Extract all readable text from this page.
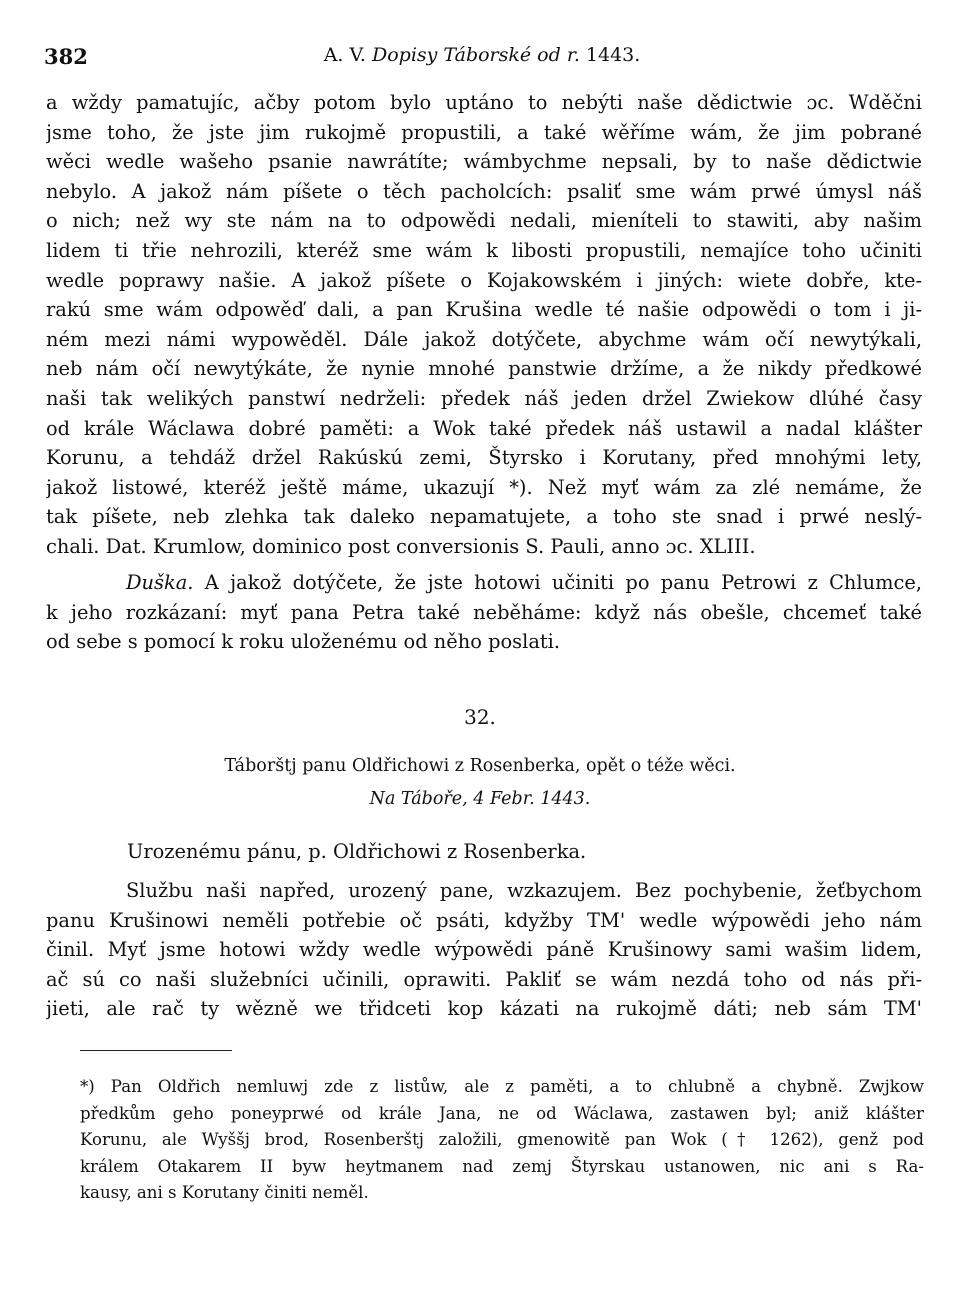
382	A. V. Dopisy Táborské od r. 1443.
a wždy pamatujíc, ačby potom bylo uptáno to nebýti naše dědictwie ɔc. Wděčni
jsme toho, že jste jim rukojmě propustili, a také wěříme wám, že jim pobrané
wěci wedle wašeho psanie nawrátíte; wámbychme nepsali, by to naše dědictwie
nebylo. A jakož nám píšete o těch pacholcích: psaliť sme wám prwé úmysl náš
o nich; než wy ste nám na to odpowědi nedali, mieníteli to stawiti, aby našim
lidem ti třie nehrozili, kteréž sme wám k libosti propustili, nemajíce toho učiniti
wedle poprawy našie. A jakož píšete o Kojakowském i jiných: wiete dobře, kte-
rakú sme wám odpowěď dali, a pan Krušina wedle té našie odpowědi o tom i ji-
ném mezi námi wypowěděl. Dále jakož dotýčete, abychme wám očí newytýkali,
neb nám očí newytýkáte, že nynie mnohé panstwie držíme, a že nikdy předkowé
naši tak welikých panstwí nedrželi: předek náš jeden držel Zwiekow dlúhé časy
od krále Wáclawa dobré paměti: a Wok také předek náš ustawil a nadal klášter
Korunu, a tehdáž držel Rakúskú zemi, Štyrsko i Korutany, před mnohými lety,
jakož listowé, kteréž ještě máme, ukazují *). Než myť wám za zlé nemáme, že
tak píšete, neb zlehka tak daleko nepamatujete, a toho ste snad i prwé neslý-
chali. Dat. Krumlow, dominico post conversionis S. Pauli, anno ɔc. XLIII.
Duška. A jakož dotýčete, že jste hotowi učiniti po panu Petrowi z Chlumce,
k jeho rozkázaní: myť pana Petra také neběháme: když nás obešle, chcemeť také
od sebe s pomocí k roku uloženému od něho poslati.
32.
Táborštj panu Oldřichowi z Rosenberka, opět o téže wěci.
Na Táboře, 4 Febr. 1443.
Urozenému pánu, p. Oldřichowi z Rosenberka.
Službu naši napřed, urozený pane, wzkazujem. Bez pochybenie, žeťbychom
panu Krušinowi neměli potřebie oč psáti, kdyžby TM' wedle wýpowědi jeho nám
činil. Myť jsme hotowi wždy wedle wýpowědi páně Krušinowy sami wašim lidem,
ač sú co naši služebníci učinili, oprawiti. Pakliť se wám nezdá toho od nás při-
jieti, ale rač ty wězně we třidceti kop kázati na rukojmě dáti; neb sám TM'
*) Pan Oldřich nemluwj zde z listůw, ale z paměti, a to chlubně a chybně. Zwjkow
předkům geho poneyprwé od krále Jana, ne od Wáclawa, zastawen byl; aniž klášter
Korunu, ale Wyššj brod, Rosenberštj založili, gmenowitě pan Wok († 1262), genž pod
králem Otakarem II byw heytmanem nad zemj Štyrskau ustanowen, nic ani s Ra-
kausy, ani s Korutany činiti neměl.
